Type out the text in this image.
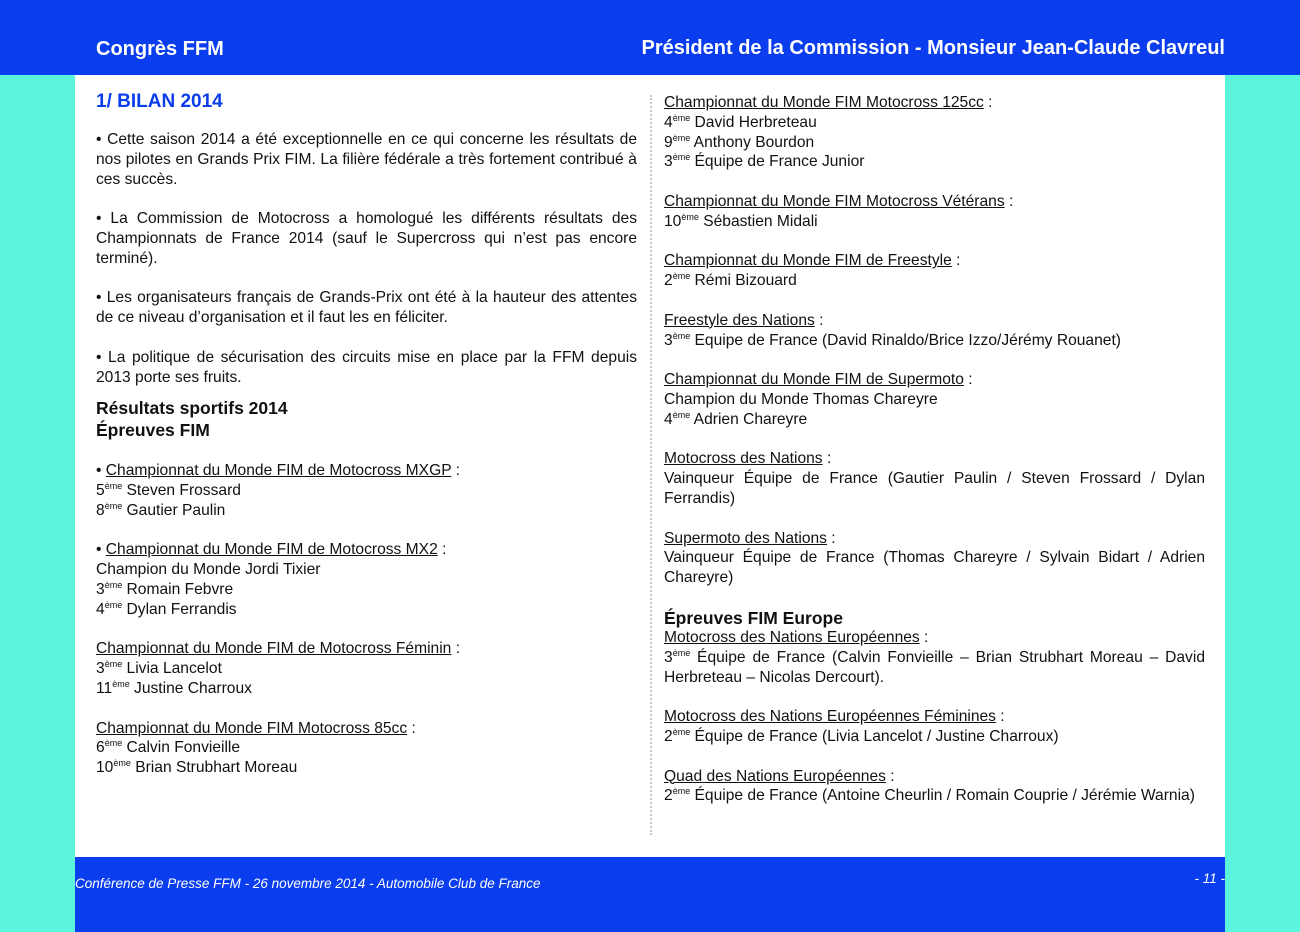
Congrès FFM	Président de la Commission - Monsieur Jean-Claude Clavreul
1/ BILAN 2014

• Cette saison 2014 a été exceptionnelle en ce qui concerne les résultats de nos pilotes en Grands Prix FIM. La filière fédérale a très fortement contribué à ces succès.

• La Commission de Motocross a homologué les différents résultats des Championnats de France 2014 (sauf le Supercross qui n’est pas encore terminé).

• Les organisateurs français de Grands-Prix ont été à la hauteur des attentes de ce niveau d’organisation et il faut les en féliciter.

• La politique de sécurisation des circuits mise en place par la FFM depuis 2013 porte ses fruits.

Résultats sportifs 2014

Épreuves FIM

• Championnat du Monde FIM de Motocross MXGP :

5ème Steven Frossard

8ème Gautier Paulin

• Championnat du Monde FIM de Motocross MX2 :

Champion du Monde Jordi Tixier

3ème Romain Febvre

4ème Dylan Ferrandis

Championnat du Monde FIM de Motocross Féminin :

3ème Livia Lancelot

11ème Justine Charroux

Championnat du Monde FIM Motocross 85cc :

6ème Calvin Fonvieille

10ème Brian Strubhart Moreau

Championnat du Monde FIM Motocross 125cc :

4ème David Herbreteau

9ème Anthony Bourdon

3ème Équipe de France Junior

Championnat du Monde FIM Motocross Vétérans :

10ème Sébastien Midali

Championnat du Monde FIM de Freestyle :

2ème Rémi Bizouard

Freestyle des Nations :

3ème Equipe de France (David Rinaldo/Brice Izzo/Jérémy Rouanet)

Championnat du Monde FIM de Supermoto :

Champion du Monde Thomas Chareyre

4ème Adrien Chareyre

Motocross des Nations :

Vainqueur Équipe de France (Gautier Paulin / Steven Frossard / Dylan Ferrandis)

Supermoto des Nations :

Vainqueur Équipe de France (Thomas Chareyre / Sylvain Bidart / Adrien Chareyre)

Épreuves FIM Europe

Motocross des Nations Européennes :

3ème Équipe de France (Calvin Fonvieille – Brian Strubhart Moreau – David Herbreteau – Nicolas Dercourt).

Motocross des Nations Européennes Féminines :

2ème Équipe de France (Livia Lancelot / Justine Charroux)

Quad des Nations Européennes :

2ème Équipe de France (Antoine Cheurlin / Romain Couprie / Jérémie Warnia)

Conférence de Presse FFM - 26 novembre 2014 - Automobile Club de France	- 11 -
